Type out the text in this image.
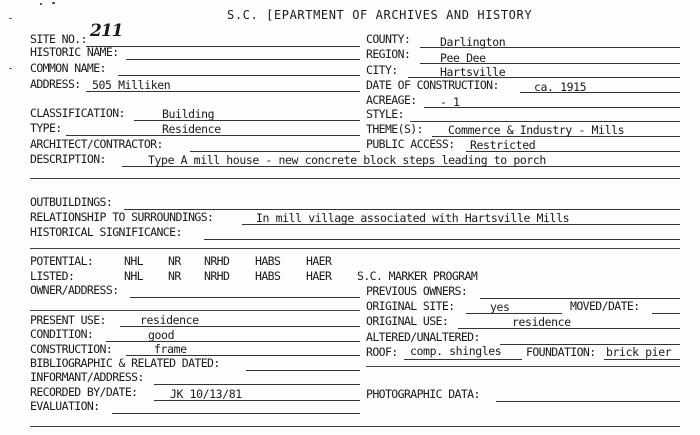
S.C. [EPARTMENT OF ARCHIVES AND HISTORY
SITE NO.: 211
HISTORIC NAME:
COMMON NAME:
ADDRESS: 505 Milliken
CLASSIFICATION:	Building
TYPE:	Residence
ARCHITECT/CONTRACTOR:
COUNTY:	Darlington
REGION:	Pee Dee
CITY:	Hartsville
DATE OF CONSTRUCTION:	ca. 1915
ACREAGE: - 1
STYLE:
THEME(S): Commerce & Industry - Mills
PUBLIC ACCESS: Restricted
DESCRIPTION:	Type A mill house - new concrete block steps leading to porch
OUTBUILDINGS:
RELATIONSHIP TO SURROUNDINGS:	In mill village associated with Hartsville Mills
HISTORICAL SIGNIFICANCE:
POTENTIAL:	NHL NR NRHD HABS HAER
LISTED:	NHL NR NRHD HABS HAER S.C. MARKER PROGRAM
OWNER/ADDRESS:	PREVIOUS OWNERS:
ORIGINAL SITE:	yes	MOVED/DATE:
PRESENT USE:	residence	ORIGINAL USE:	residence
CONDITION:	good	ALTERED/UNALTERED:
CONSTRUCTION:	frame	ROOF: comp. shingles FOUNDATION: brick pier
BIBLIOGRAPHIC & RELATED DATED:
INFORMANT/ADDRESS:
RECORDED BY/DATE:	JK 10/13/81	PHOTOGRAPHIC DATA:
EVALUATION:
